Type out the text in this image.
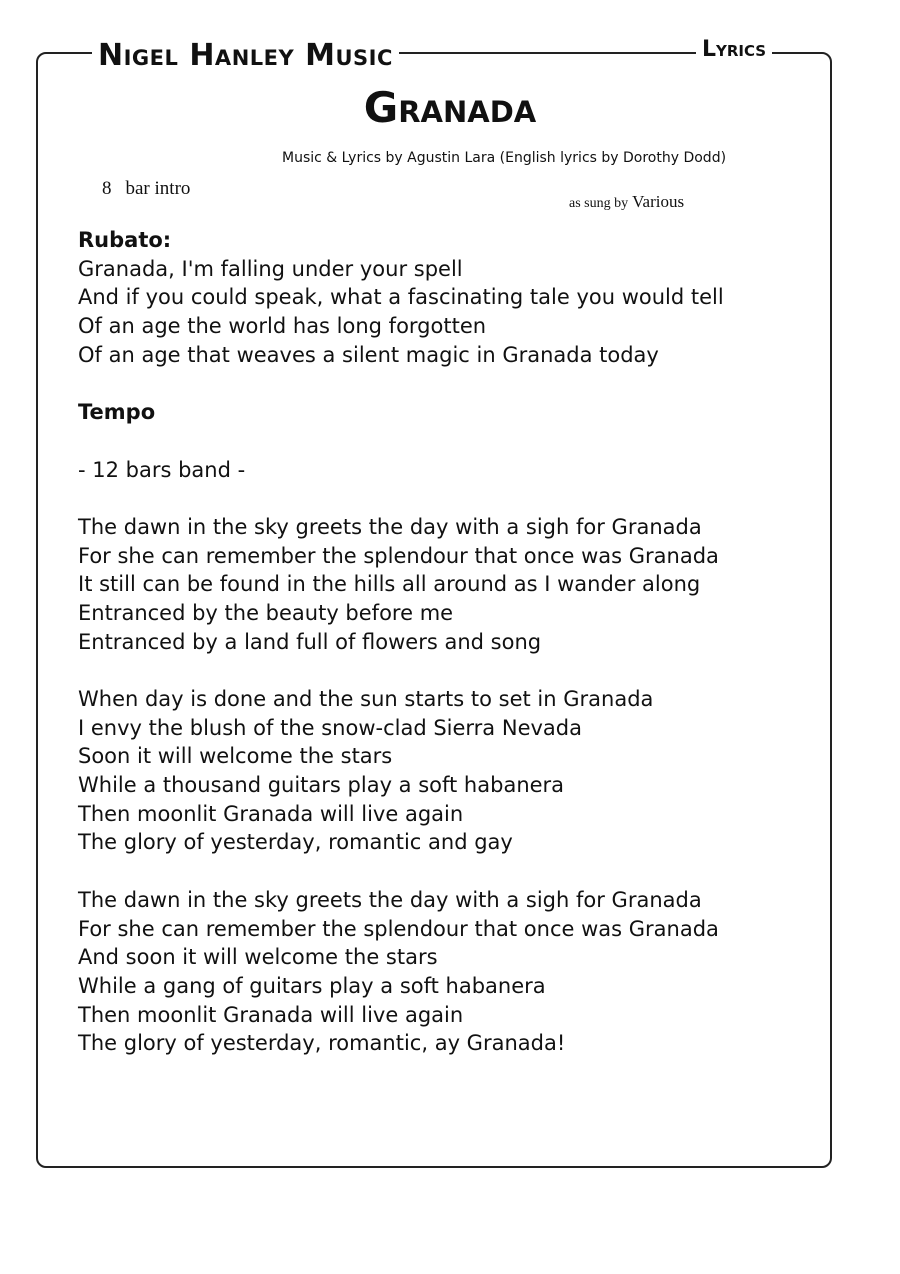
Nigel Hanley Music	Lyrics
Granada
Music & Lyrics by Agustin Lara (English lyrics by Dorothy Dodd)
8 bar intro
as sung by Various
Rubato:
Granada, I'm falling under your spell
And if you could speak, what a fascinating tale you would tell
Of an age the world has long forgotten
Of an age that weaves a silent magic in Granada today
Tempo
- 12 bars band -
The dawn in the sky greets the day with a sigh for Granada
For she can remember the splendour that once was Granada
It still can be found in the hills all around as I wander along
Entranced by the beauty before me
Entranced by a land full of flowers and song
When day is done and the sun starts to set in Granada
I envy the blush of the snow-clad Sierra Nevada
Soon it will welcome the stars
While a thousand guitars play a soft habanera
Then moonlit Granada will live again
The glory of yesterday, romantic and gay
The dawn in the sky greets the day with a sigh for Granada
For she can remember the splendour that once was Granada
And soon it will welcome the stars
While a gang of guitars play a soft habanera
Then moonlit Granada will live again
The glory of yesterday, romantic, ay Granada!
